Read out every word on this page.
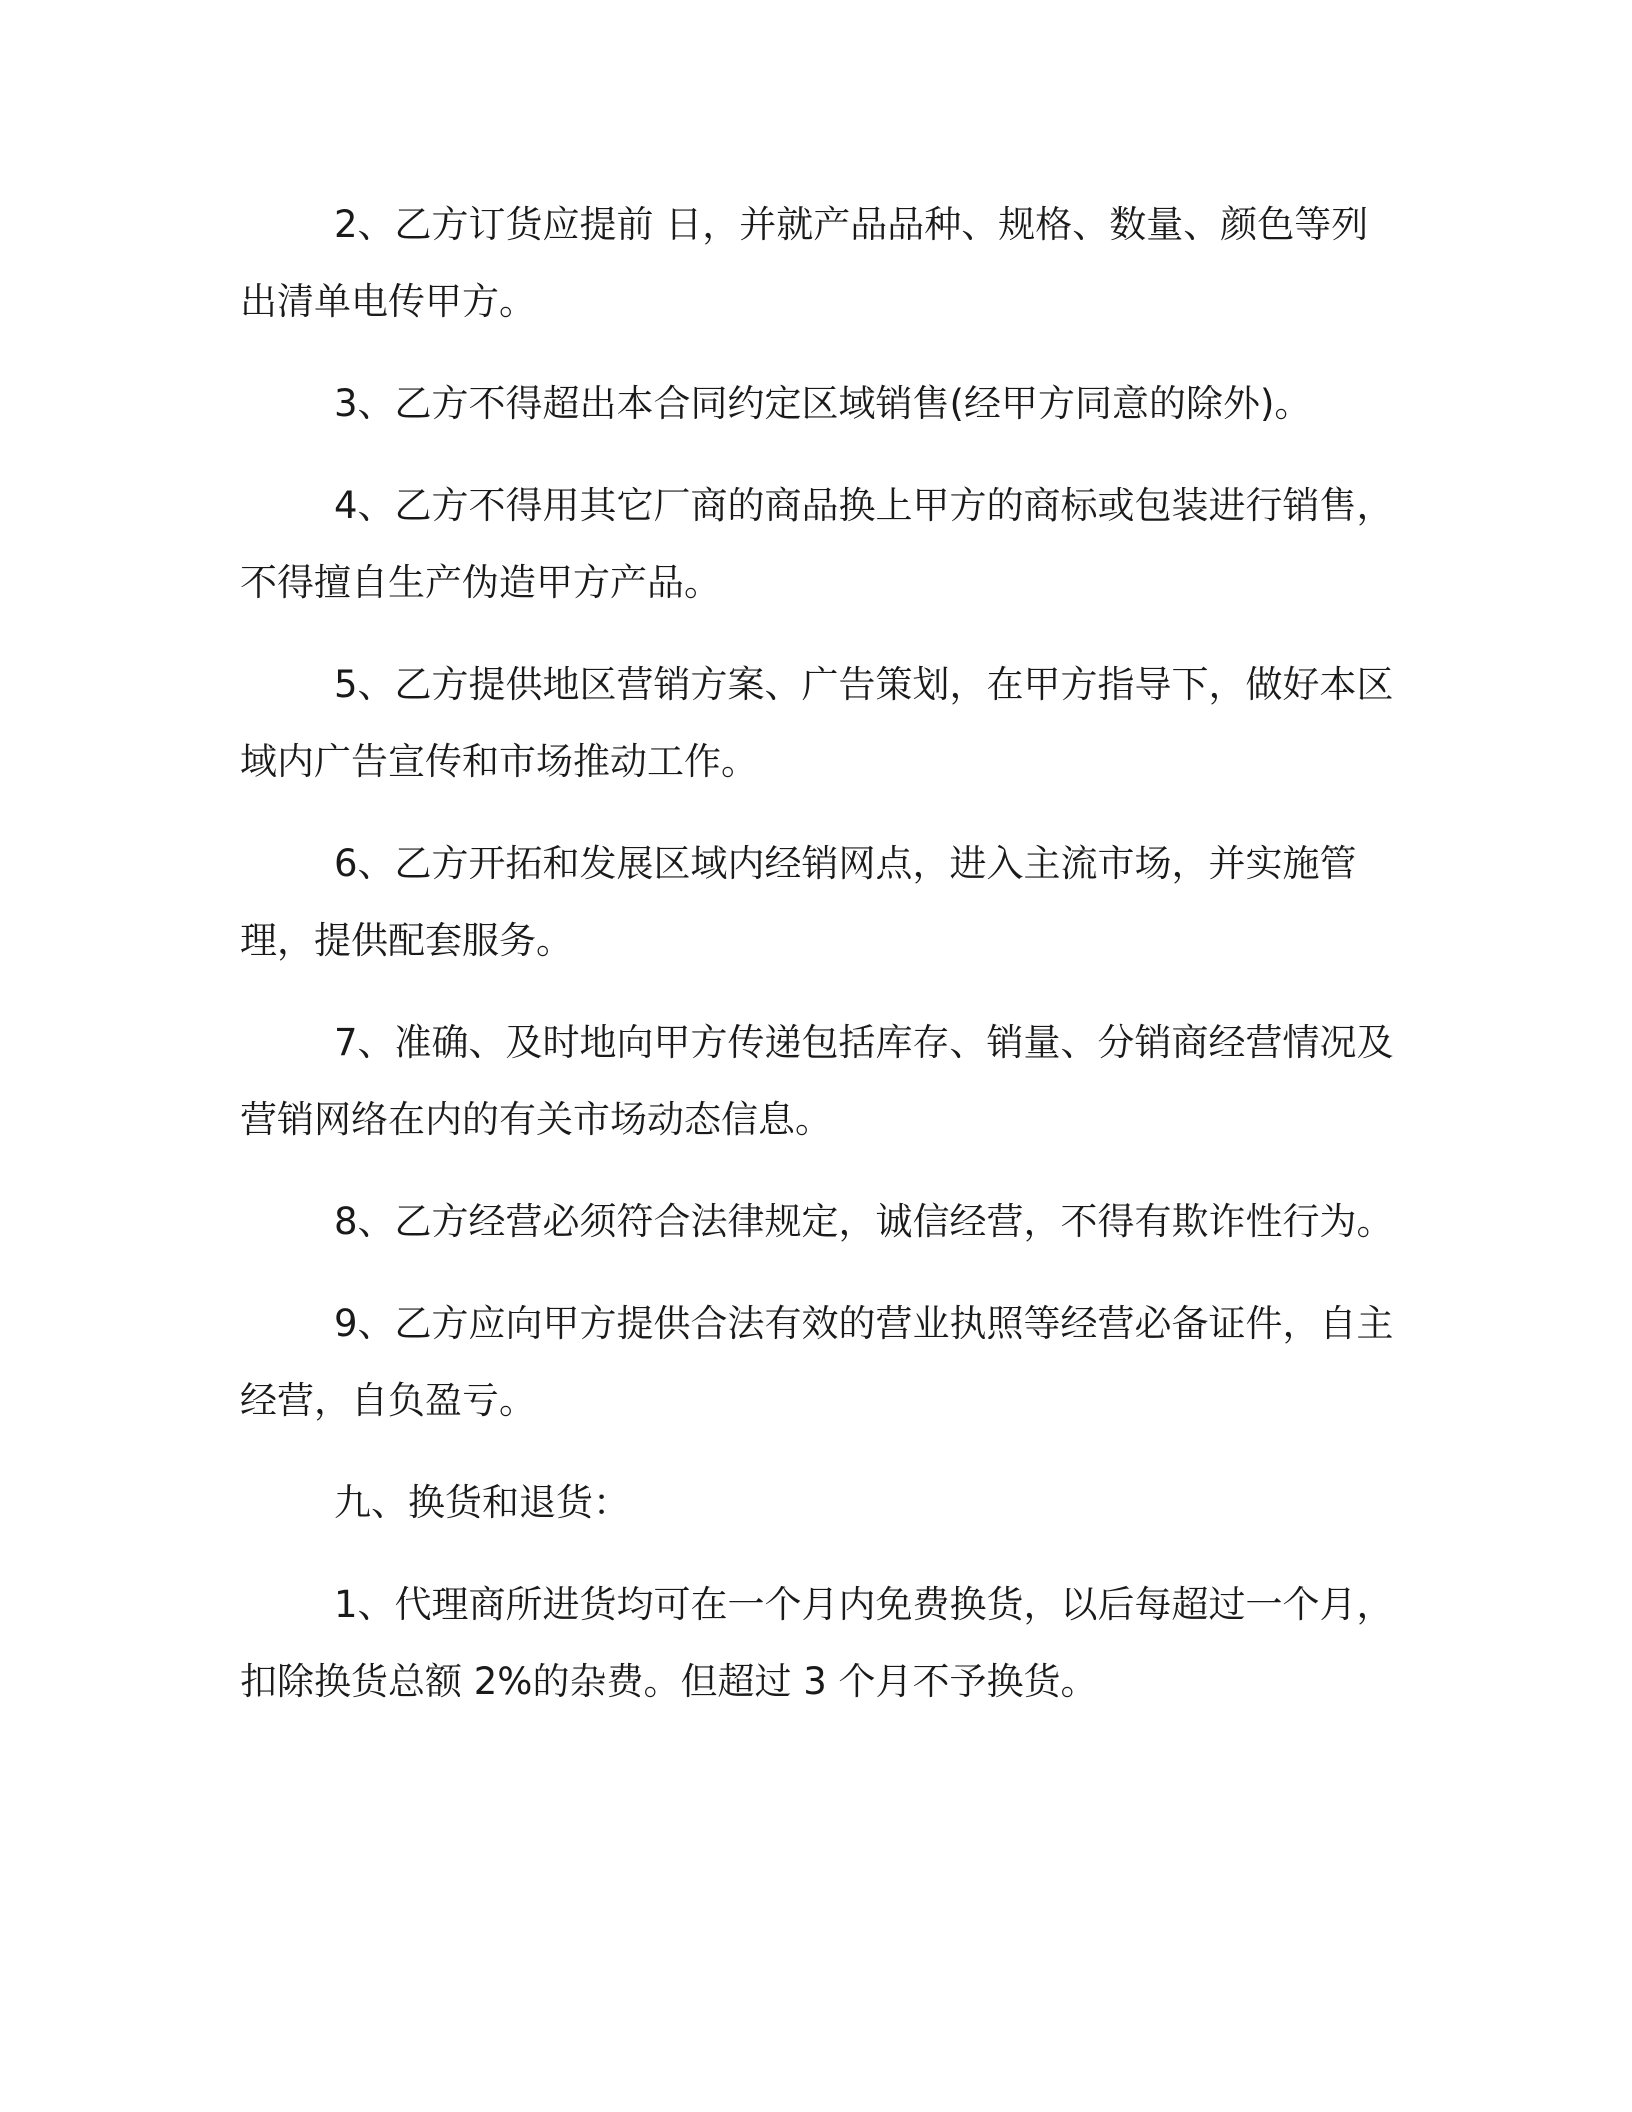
2、乙方订货应提前 日，并就产品品种、规格、数量、颜色等列出清单电传甲方。

3、乙方不得超出本合同约定区域销售(经甲方同意的除外)。

4、乙方不得用其它厂商的商品换上甲方的商标或包装进行销售，不得擅自生产伪造甲方产品。

5、乙方提供地区营销方案、广告策划，在甲方指导下，做好本区域内广告宣传和市场推动工作。

6、乙方开拓和发展区域内经销网点，进入主流市场，并实施管理，提供配套服务。

7、准确、及时地向甲方传递包括库存、销量、分销商经营情况及营销网络在内的有关市场动态信息。

8、乙方经营必须符合法律规定，诚信经营，不得有欺诈性行为。

9、乙方应向甲方提供合法有效的营业执照等经营必备证件，自主经营，自负盈亏。

九、换货和退货：

1、代理商所进货均可在一个月内免费换货，以后每超过一个月，扣除换货总额 2%的杂费。但超过 3 个月不予换货。
